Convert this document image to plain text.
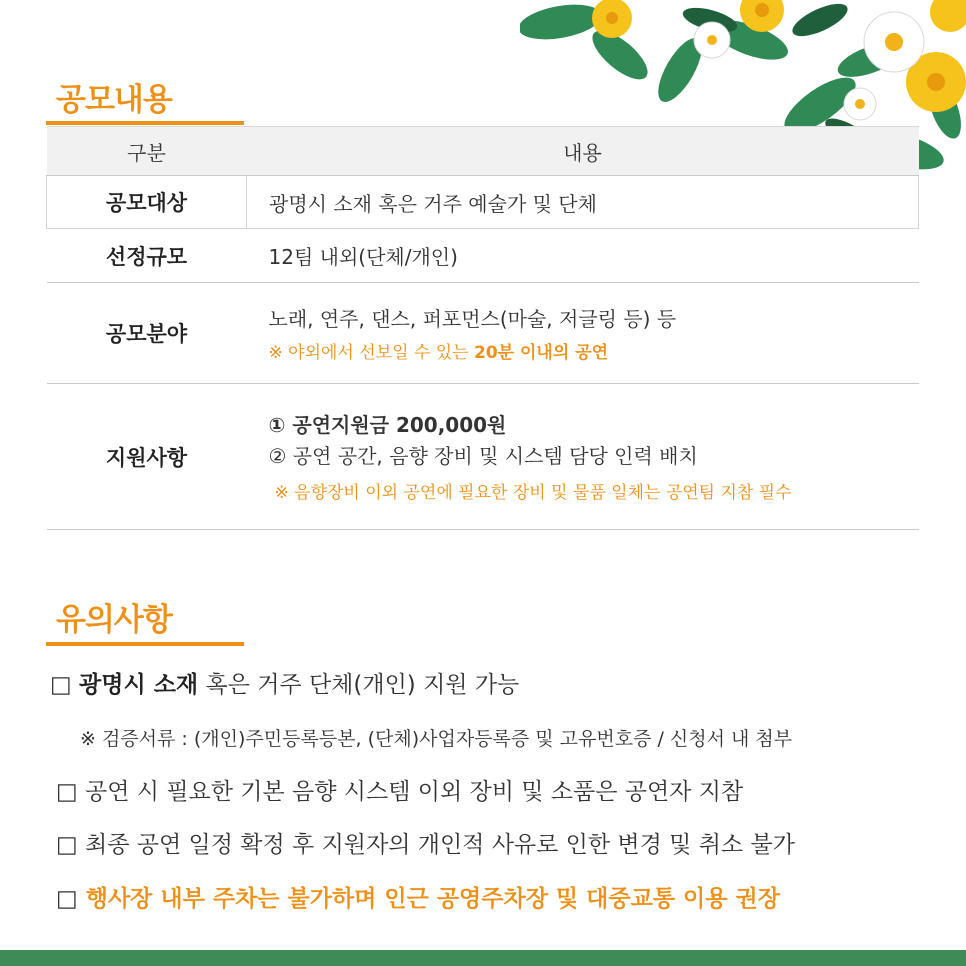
공모내용
구분	내용
공모대상	광명시 소재 혹은 거주 예술가 및 단체
선정규모	12팀 내외(단체/개인)
공모분야	노래, 연주, 댄스, 퍼포먼스(마술, 저글링 등) 등
※ 야외에서 선보일 수 있는 20분 이내의 공연

지원사항	① 공연지원금 200,000원
② 공연 공간, 음향 장비 및 시스템 담당 인력 배치
※ 음향장비 이외 공연에 필요한 장비 및 물품 일체는 공연팀 지참 필수
유의사항
□ 광명시 소재 혹은 거주 단체(개인) 지원 가능
※ 검증서류 : (개인)주민등록등본, (단체)사업자등록증 및 고유번호증 / 신청서 내 첨부
□ 공연 시 필요한 기본 음향 시스템 이외 장비 및 소품은 공연자 지참
□ 최종 공연 일정 확정 후 지원자의 개인적 사유로 인한 변경 및 취소 불가
□ 행사장 내부 주차는 불가하며 인근 공영주차장 및 대중교통 이용 권장
